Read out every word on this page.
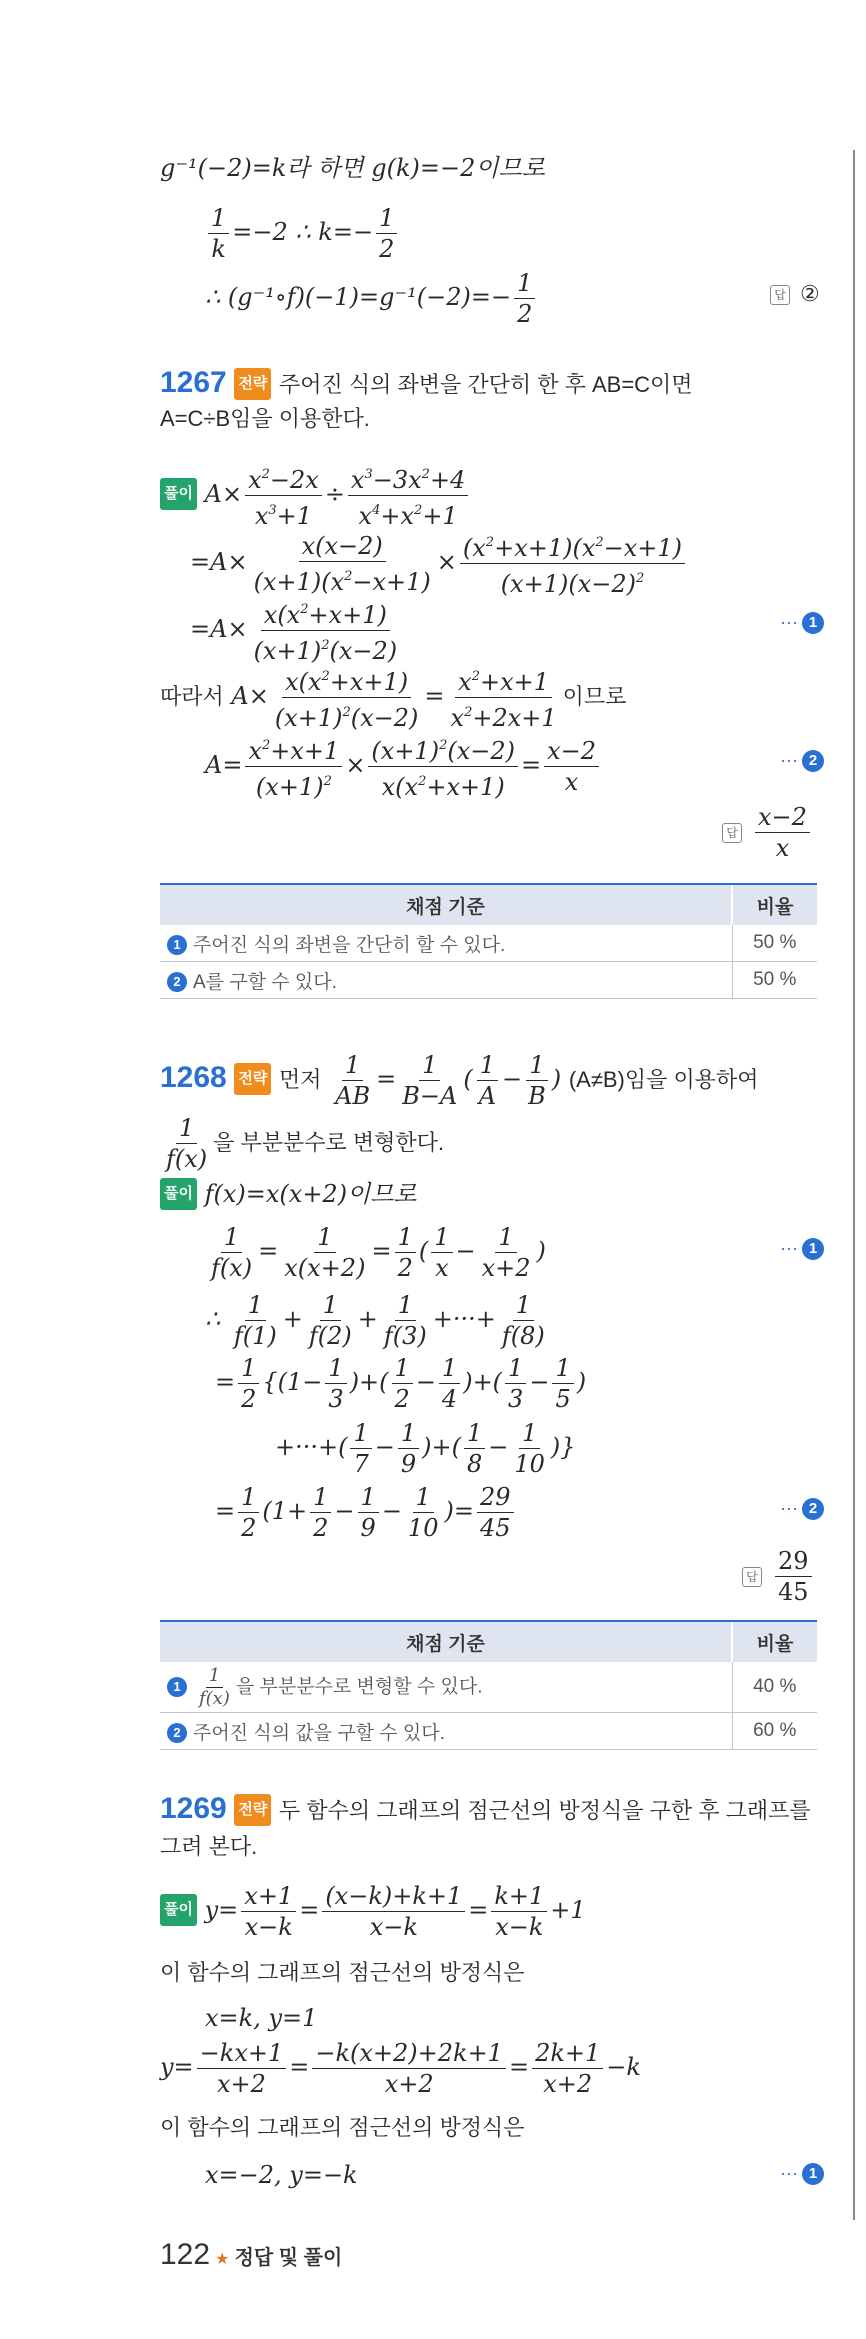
g⁻¹(−2)=k라 하면 g(k)=−2이므로
$\frac{1}{k} =-2$ ∴ $k=- \frac{1}{2}$
∴ (g⁻¹∘f)(−1)=g⁻¹(−2)=− $\frac{1}{2}$	답 ②
1267 전략 주어진 식의 좌변을 간단히 한 후 AB=C이면
A=C÷B임을 이용한다.
풀이 $A\times \frac{x^2-2x}{x^3+1} \div \frac{x^3-3x^2+4}{x^4+x^2+1}$
$=A\times \frac{x(x-2)}{(x+1)(x^2-x+1)} \times \frac{(x^2+x+1)(x^2-x+1)}{(x+1)(x-2)^2}$
$=A\times \frac{x(x^2+x+1)}{(x+1)^2(x-2)}$	··· 1
따라서 $A\times \frac{x(x^2+x+1)}{(x+1)^2(x-2)} = \frac{x^2+x+1}{x^2+2x+1}$ 이므로
$A= \frac{x^2+x+1}{(x+1)^2} \times \frac{(x+1)^2(x-2)}{x(x^2+x+1)} = \frac{x-2}{x}$	··· 2
답 $\frac{x-2}{x}$
채점 기준	비율
1 주어진 식의 좌변을 간단히 할 수 있다.	50 %
2 A를 구할 수 있다.	50 %
1268 전략 먼저 $\frac{1}{AB} = \frac{1}{B-A}$ ( $\frac{1}{A} - \frac{1}{B}$ ) (A≠B)임을 이용하여
$\frac{1}{f(x)}$ 을 부분분수로 변형한다.
풀이 f(x)=x(x+2)이므로
$\frac{1}{f(x)} = \frac{1}{x(x+2)} = \frac{1}{2}$ ( $\frac{1}{x} - \frac{1}{x+2}$ )	··· 1
∴ $\frac{1}{f(1)} + \frac{1}{f(2)} + \frac{1}{f(3)}$ +···+ $\frac{1}{f(8)}$
= $\frac{1}{2} \{(1- \frac{1}{3}$ )+( $\frac{1}{2} - \frac{1}{4}$ )+( $\frac{1}{3} - \frac{1}{5}$ )
+···+( $\frac{1}{7} - \frac{1}{9}$ )+( $\frac{1}{8} - \frac{1}{10}$ )}
= $\frac{1}{2} (1+ \frac{1}{2} - \frac{1}{9} - \frac{1}{10}$ )= $\frac{29}{45}$	··· 2
답 $\frac{29}{45}$
채점 기준	비율
$1 \frac{1}{f(x)}$ 을 부분분수로 변형할 수 있다.	40 %
2 주어진 식의 값을 구할 수 있다.	60 %
1269 전략 두 함수의 그래프의 점근선의 방정식을 구한 후 그래프를
그려 본다.
풀이 $y= \frac{x+1}{x-k} = \frac{(x-k)+k+1}{x-k} = \frac{k+1}{x-k} +1$
이 함수의 그래프의 점근선의 방정식은
x=k, y=1
$y= \frac{-kx+1}{x+2} = \frac{-k(x+2)+2k+1}{x+2} = \frac{2k+1}{x+2} -k$
이 함수의 그래프의 점근선의 방정식은
x=−2, y=−k	··· 1
122 ★ 정답 및 풀이
